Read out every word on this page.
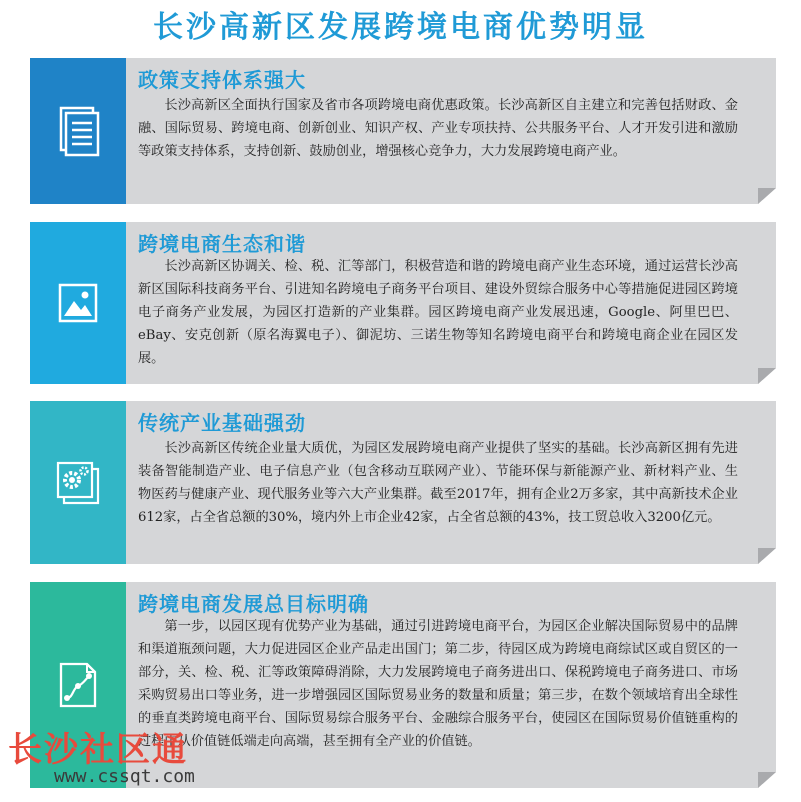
长沙高新区发展跨境电商优势明显
政策支持体系强大

长沙高新区全面执行国家及省市各项跨境电商优惠政策。长沙高新区自主建立和完善包括财政、金融、国际贸易、跨境电商、创新创业、知识产权、产业专项扶持、公共服务平台、人才开发引进和激励等政策支持体系，支持创新、鼓励创业，增强核心竞争力，大力发展跨境电商产业。

跨境电商生态和谐

长沙高新区协调关、检、税、汇等部门，积极营造和谐的跨境电商产业生态环境，通过运营长沙高新区国际科技商务平台、引进知名跨境电子商务平台项目、建设外贸综合服务中心等措施促进园区跨境电子商务产业发展，为园区打造新的产业集群。园区跨境电商产业发展迅速，Google、阿里巴巴、eBay、安克创新（原名海翼电子）、御泥坊、三诺生物等知名跨境电商平台和跨境电商企业在园区发展。

传统产业基础强劲

长沙高新区传统企业量大质优，为园区发展跨境电商产业提供了坚实的基础。长沙高新区拥有先进装备智能制造产业、电子信息产业（包含移动互联网产业）、节能环保与新能源产业、新材料产业、生物医药与健康产业、现代服务业等六大产业集群。截至2017年，拥有企业2万多家，其中高新技术企业612家，占全省总额的30%，境内外上市企业42家，占全省总额的43%，技工贸总收入3200亿元。

跨境电商发展总目标明确

第一步，以园区现有优势产业为基础，通过引进跨境电商平台，为园区企业解决国际贸易中的品牌和渠道瓶颈问题，大力促进园区企业产品走出国门；第二步，待园区成为跨境电商综试区或自贸区的一部分，关、检、税、汇等政策障碍消除，大力发展跨境电子商务进出口、保税跨境电子商务进口、市场采购贸易出口等业务，进一步增强园区国际贸易业务的数量和质量；第三步，在数个领域培育出全球性的垂直类跨境电商平台、国际贸易综合服务平台、金融综合服务平台，使园区在国际贸易价值链重构的过程中从价值链低端走向高端，甚至拥有全产业的价值链。

长沙社区通
www.cssqt.com
